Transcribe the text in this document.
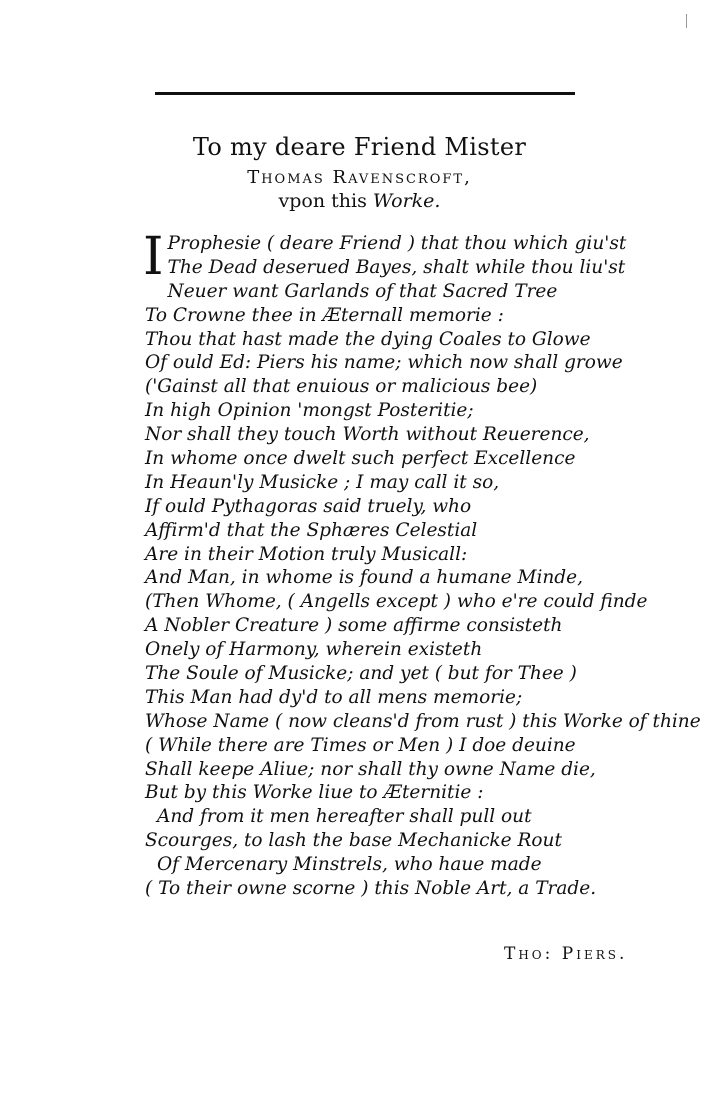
To my deare Friend Mister
Thomas Ravenscroft,
vpon this Worke.
I Prophesie ( deare Friend ) that thou which giu'st
The Dead deserued Bayes, shalt while thou liu'st
Neuer want Garlands of that Sacred Tree
To Crowne thee in Æternall memorie :
Thou that hast made the dying Coales to Glowe
Of ould Ed: Piers his name; which now shall growe
('Gainst all that enuious or malicious bee)
In high Opinion 'mongst Posteritie;
Nor shall they touch Worth without Reuerence,
In whome once dwelt such perfect Excellence
In Heaun'ly Musicke ; I may call it so,
If ould Pythagoras said truely, who
Affirm'd that the Sphæres Celestial
Are in their Motion truly Musicall:
And Man, in whome is found a humane Minde,
(Then Whome, ( Angells except ) who e're could finde
A Nobler Creature ) some affirme consisteth
Onely of Harmony, wherein existeth
The Soule of Musicke; and yet ( but for Thee )
This Man had dy'd to all mens memorie;
Whose Name ( now cleans'd from rust ) this Worke of thine
( While there are Times or Men ) I doe deuine
Shall keepe Aliue; nor shall thy owne Name die,
But by this Worke liue to Æternitie :
And from it men hereafter shall pull out
Scourges, to lash the base Mechanicke Rout
Of Mercenary Minstrels, who haue made
( To their owne scorne ) this Noble Art, a Trade.
Tho: Piers.
